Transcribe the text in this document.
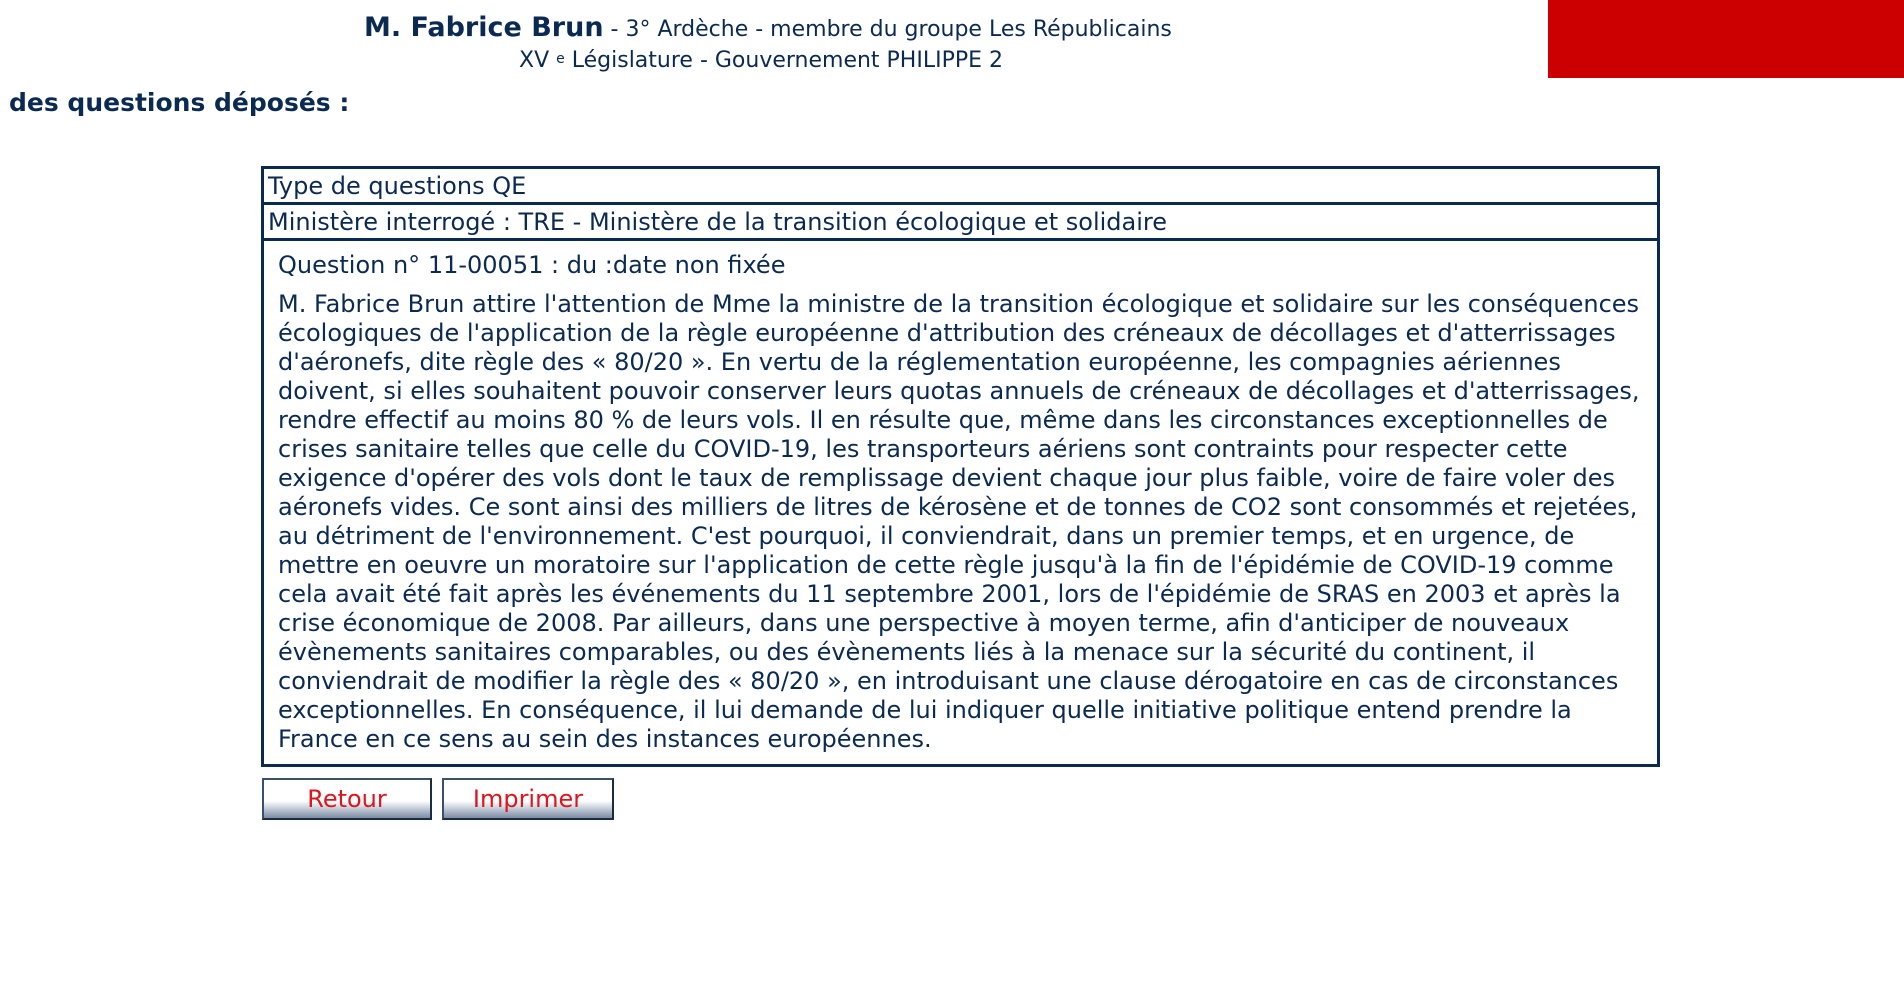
M. Fabrice Brun - 3° Ardèche - membre du groupe Les Républicains
XV $^e$ Législature - Gouvernement PHILIPPE 2
des questions déposés :
Type de questions QE
Ministère interrogé : TRE - Ministère de la transition écologique et solidaire
Question n° 11-00051 : du :date non fixée
M. Fabrice Brun attire l'attention de Mme la ministre de la transition écologique et solidaire sur les conséquences écologiques de l'application de la règle européenne d'attribution des créneaux de décollages et d'atterrissages d'aéronefs, dite règle des « 80/20 ». En vertu de la réglementation européenne, les compagnies aériennes doivent, si elles souhaitent pouvoir conserver leurs quotas annuels de créneaux de décollages et d'atterrissages, rendre effectif au moins 80 % de leurs vols. Il en résulte que, même dans les circonstances exceptionnelles de crises sanitaire telles que celle du COVID-19, les transporteurs aériens sont contraints pour respecter cette exigence d'opérer des vols dont le taux de remplissage devient chaque jour plus faible, voire de faire voler des aéronefs vides. Ce sont ainsi des milliers de litres de kérosène et de tonnes de CO2 sont consommés et rejetées, au détriment de l'environnement. C'est pourquoi, il conviendrait, dans un premier temps, et en urgence, de mettre en oeuvre un moratoire sur l'application de cette règle jusqu'à la fin de l'épidémie de COVID-19 comme cela avait été fait après les événements du 11 septembre 2001, lors de l'épidémie de SRAS en 2003 et après la crise économique de 2008. Par ailleurs, dans une perspective à moyen terme, afin d'anticiper de nouveaux évènements sanitaires comparables, ou des évènements liés à la menace sur la sécurité du continent, il conviendrait de modifier la règle des « 80/20 », en introduisant une clause dérogatoire en cas de circonstances exceptionnelles. En conséquence, il lui demande de lui indiquer quelle initiative politique entend prendre la France en ce sens au sein des instances européennes.
Retour	Imprimer
